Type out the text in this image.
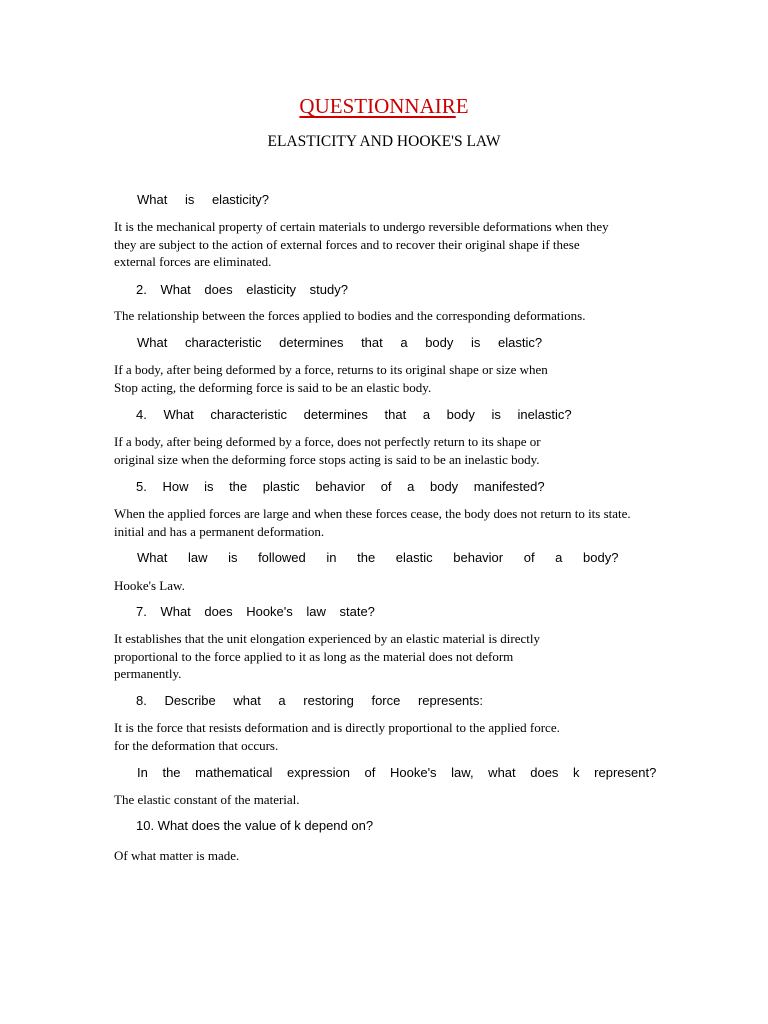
QUESTIONNAIRE
ELASTICITY AND HOOKE'S LAW
What is elasticity?
It is the mechanical property of certain materials to undergo reversible deformations when they
they are subject to the action of external forces and to recover their original shape if these
external forces are eliminated.
2. What does elasticity study?
The relationship between the forces applied to bodies and the corresponding deformations.
What characteristic determines that a body is elastic?
If a body, after being deformed by a force, returns to its original shape or size when
Stop acting, the deforming force is said to be an elastic body.
4. What characteristic determines that a body is inelastic?
If a body, after being deformed by a force, does not perfectly return to its shape or
original size when the deforming force stops acting is said to be an inelastic body.
5. How is the plastic behavior of a body manifested?
When the applied forces are large and when these forces cease, the body does not return to its state.
initial and has a permanent deformation.
What law is followed in the elastic behavior of a body?
Hooke's Law.
7. What does Hooke's law state?
It establishes that the unit elongation experienced by an elastic material is directly
proportional to the force applied to it as long as the material does not deform
permanently.
8. Describe what a restoring force represents:
It is the force that resists deformation and is directly proportional to the applied force.
for the deformation that occurs.
In the mathematical expression of Hooke's law, what does k represent?
The elastic constant of the material.
10. What does the value of k depend on?
Of what matter is made.
